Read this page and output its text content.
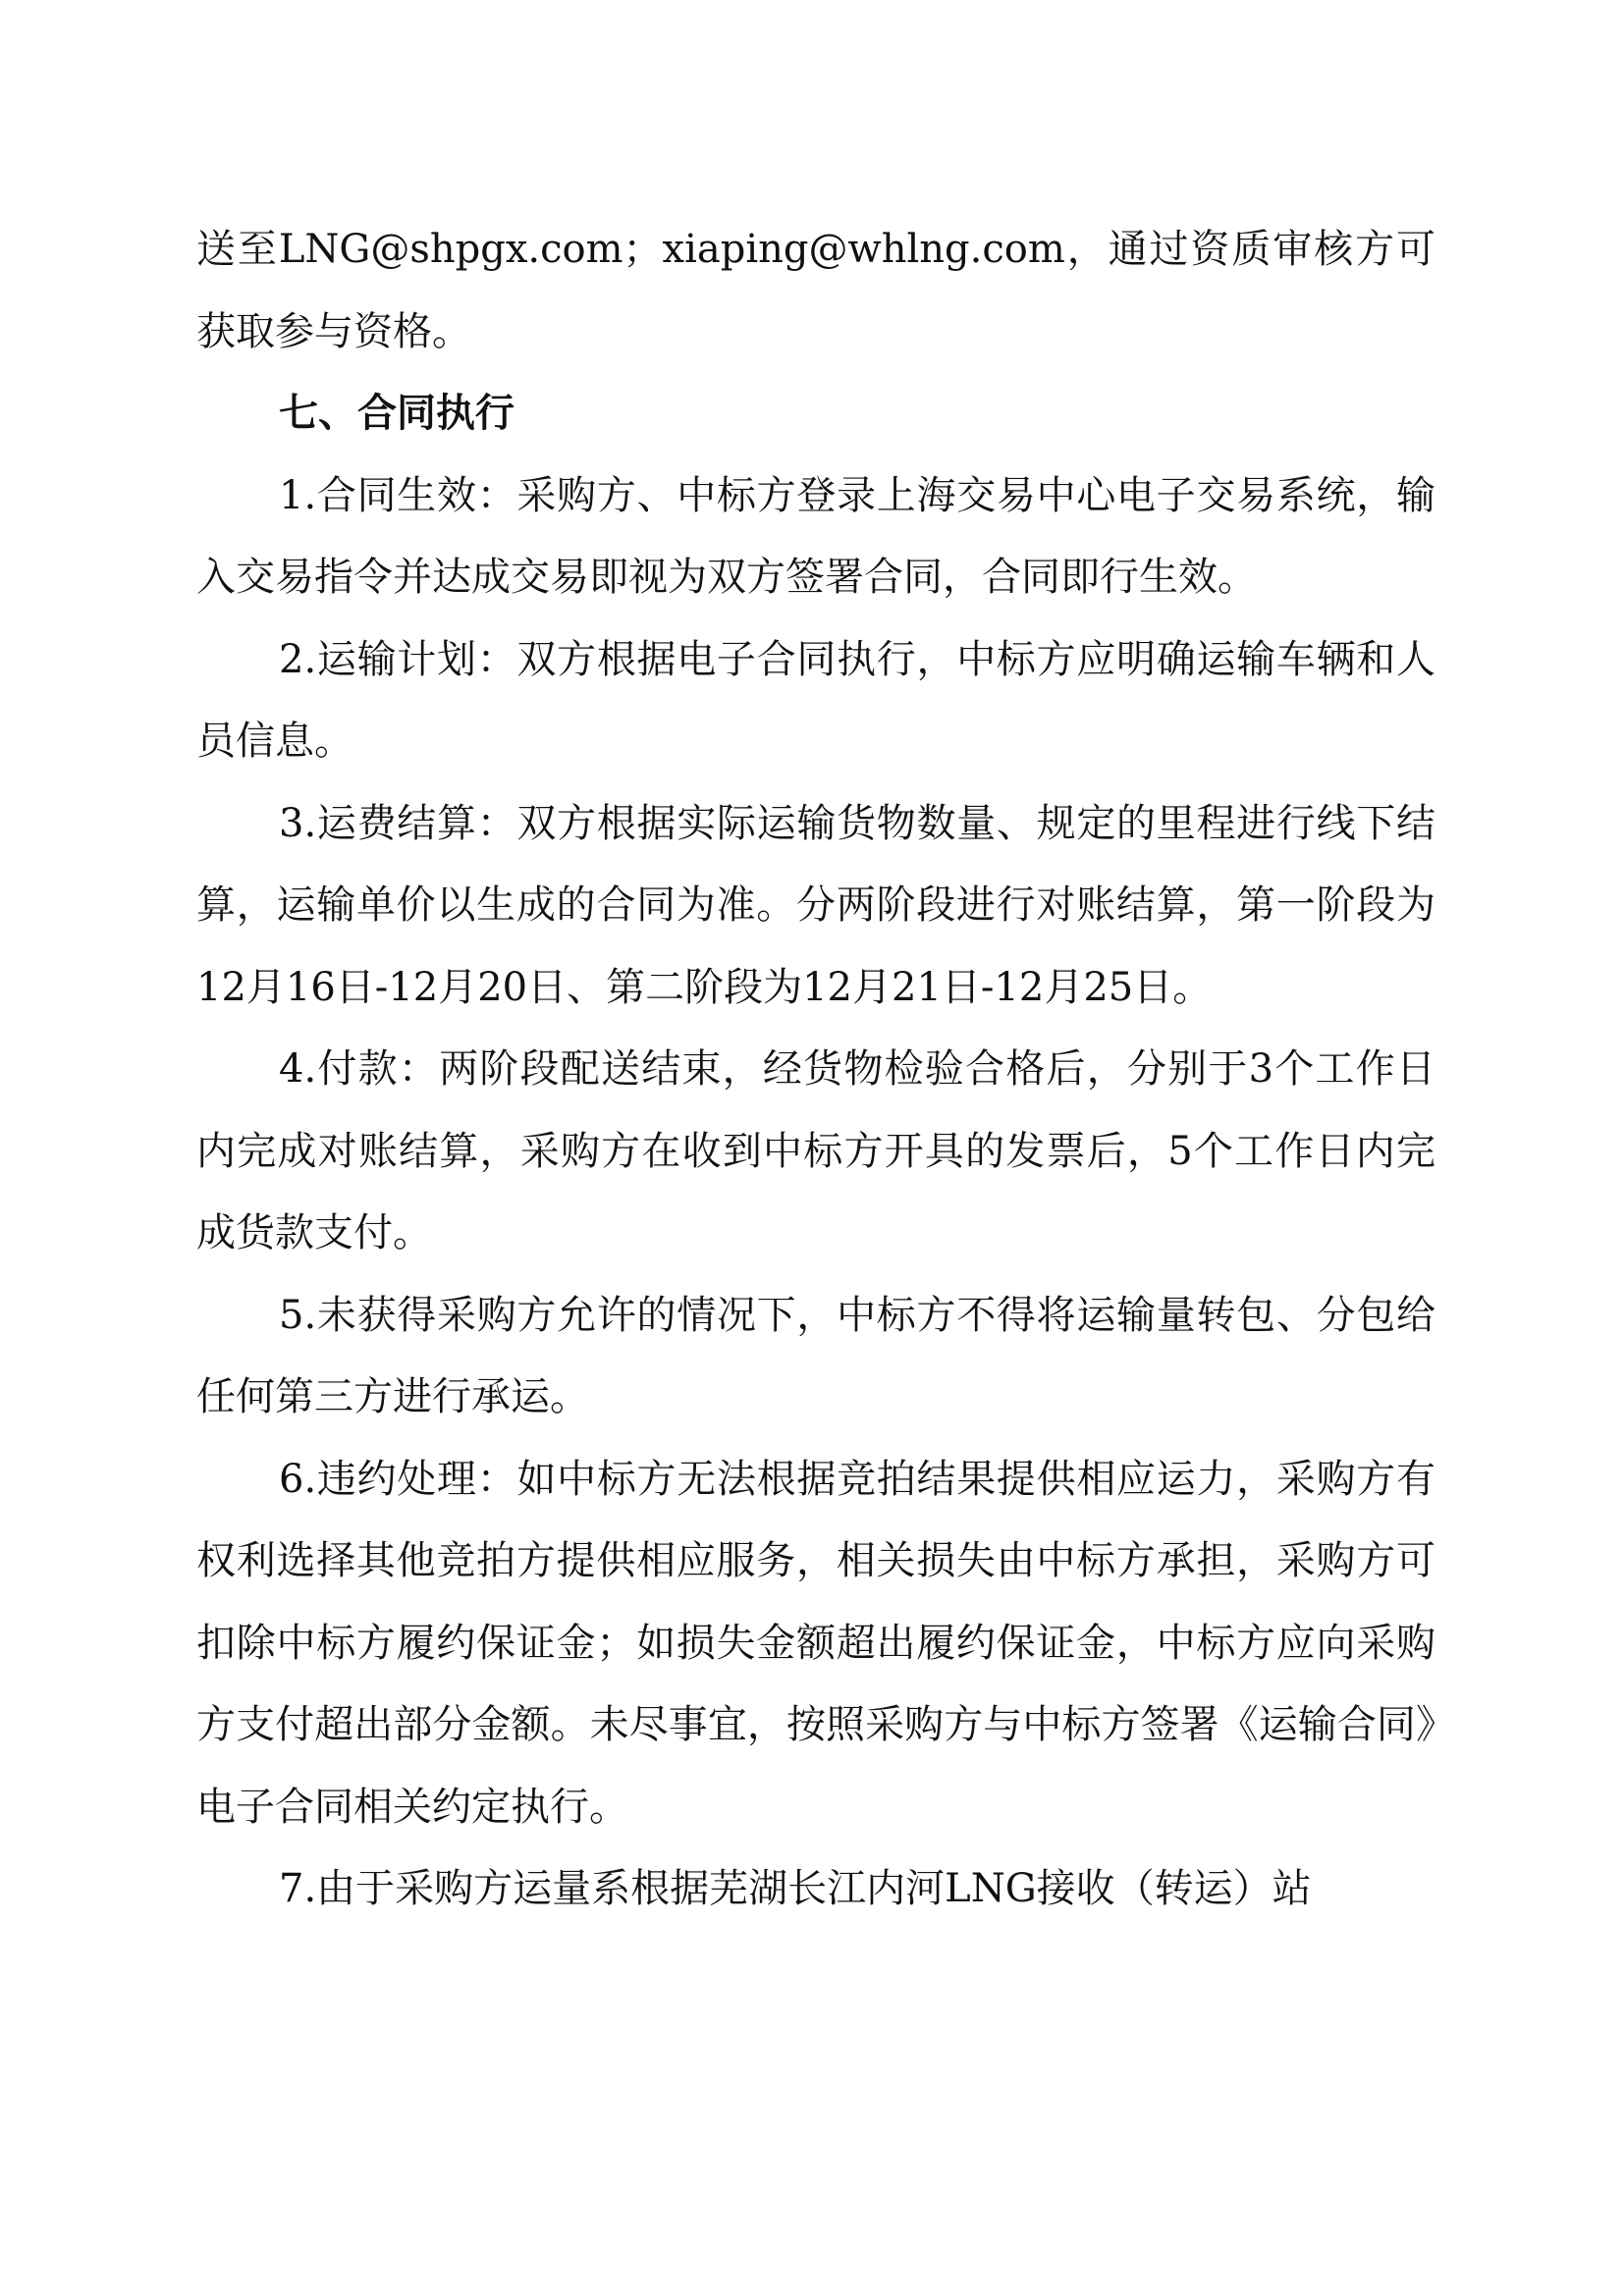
送至LNG@shpgx.com；xiaping@whlng.com，通过资质审核方可获取参与资格。

七、合同执行

1.合同生效：采购方、中标方登录上海交易中心电子交易系统，输入交易指令并达成交易即视为双方签署合同，合同即行生效。

2.运输计划：双方根据电子合同执行，中标方应明确运输车辆和人员信息。

3.运费结算：双方根据实际运输货物数量、规定的里程进行线下结算，运输单价以生成的合同为准。分两阶段进行对账结算，第一阶段为12月16日-12月20日、第二阶段为12月21日-12月25日。

4.付款：两阶段配送结束，经货物检验合格后，分别于3个工作日内完成对账结算，采购方在收到中标方开具的发票后，5个工作日内完成货款支付。

5.未获得采购方允许的情况下，中标方不得将运输量转包、分包给任何第三方进行承运。

6.违约处理：如中标方无法根据竞拍结果提供相应运力，采购方有权利选择其他竞拍方提供相应服务，相关损失由中标方承担，采购方可扣除中标方履约保证金；如损失金额超出履约保证金，中标方应向采购方支付超出部分金额。未尽事宜，按照采购方与中标方签署《运输合同》电子合同相关约定执行。

7.由于采购方运量系根据芜湖长江内河LNG接收（转运）站
